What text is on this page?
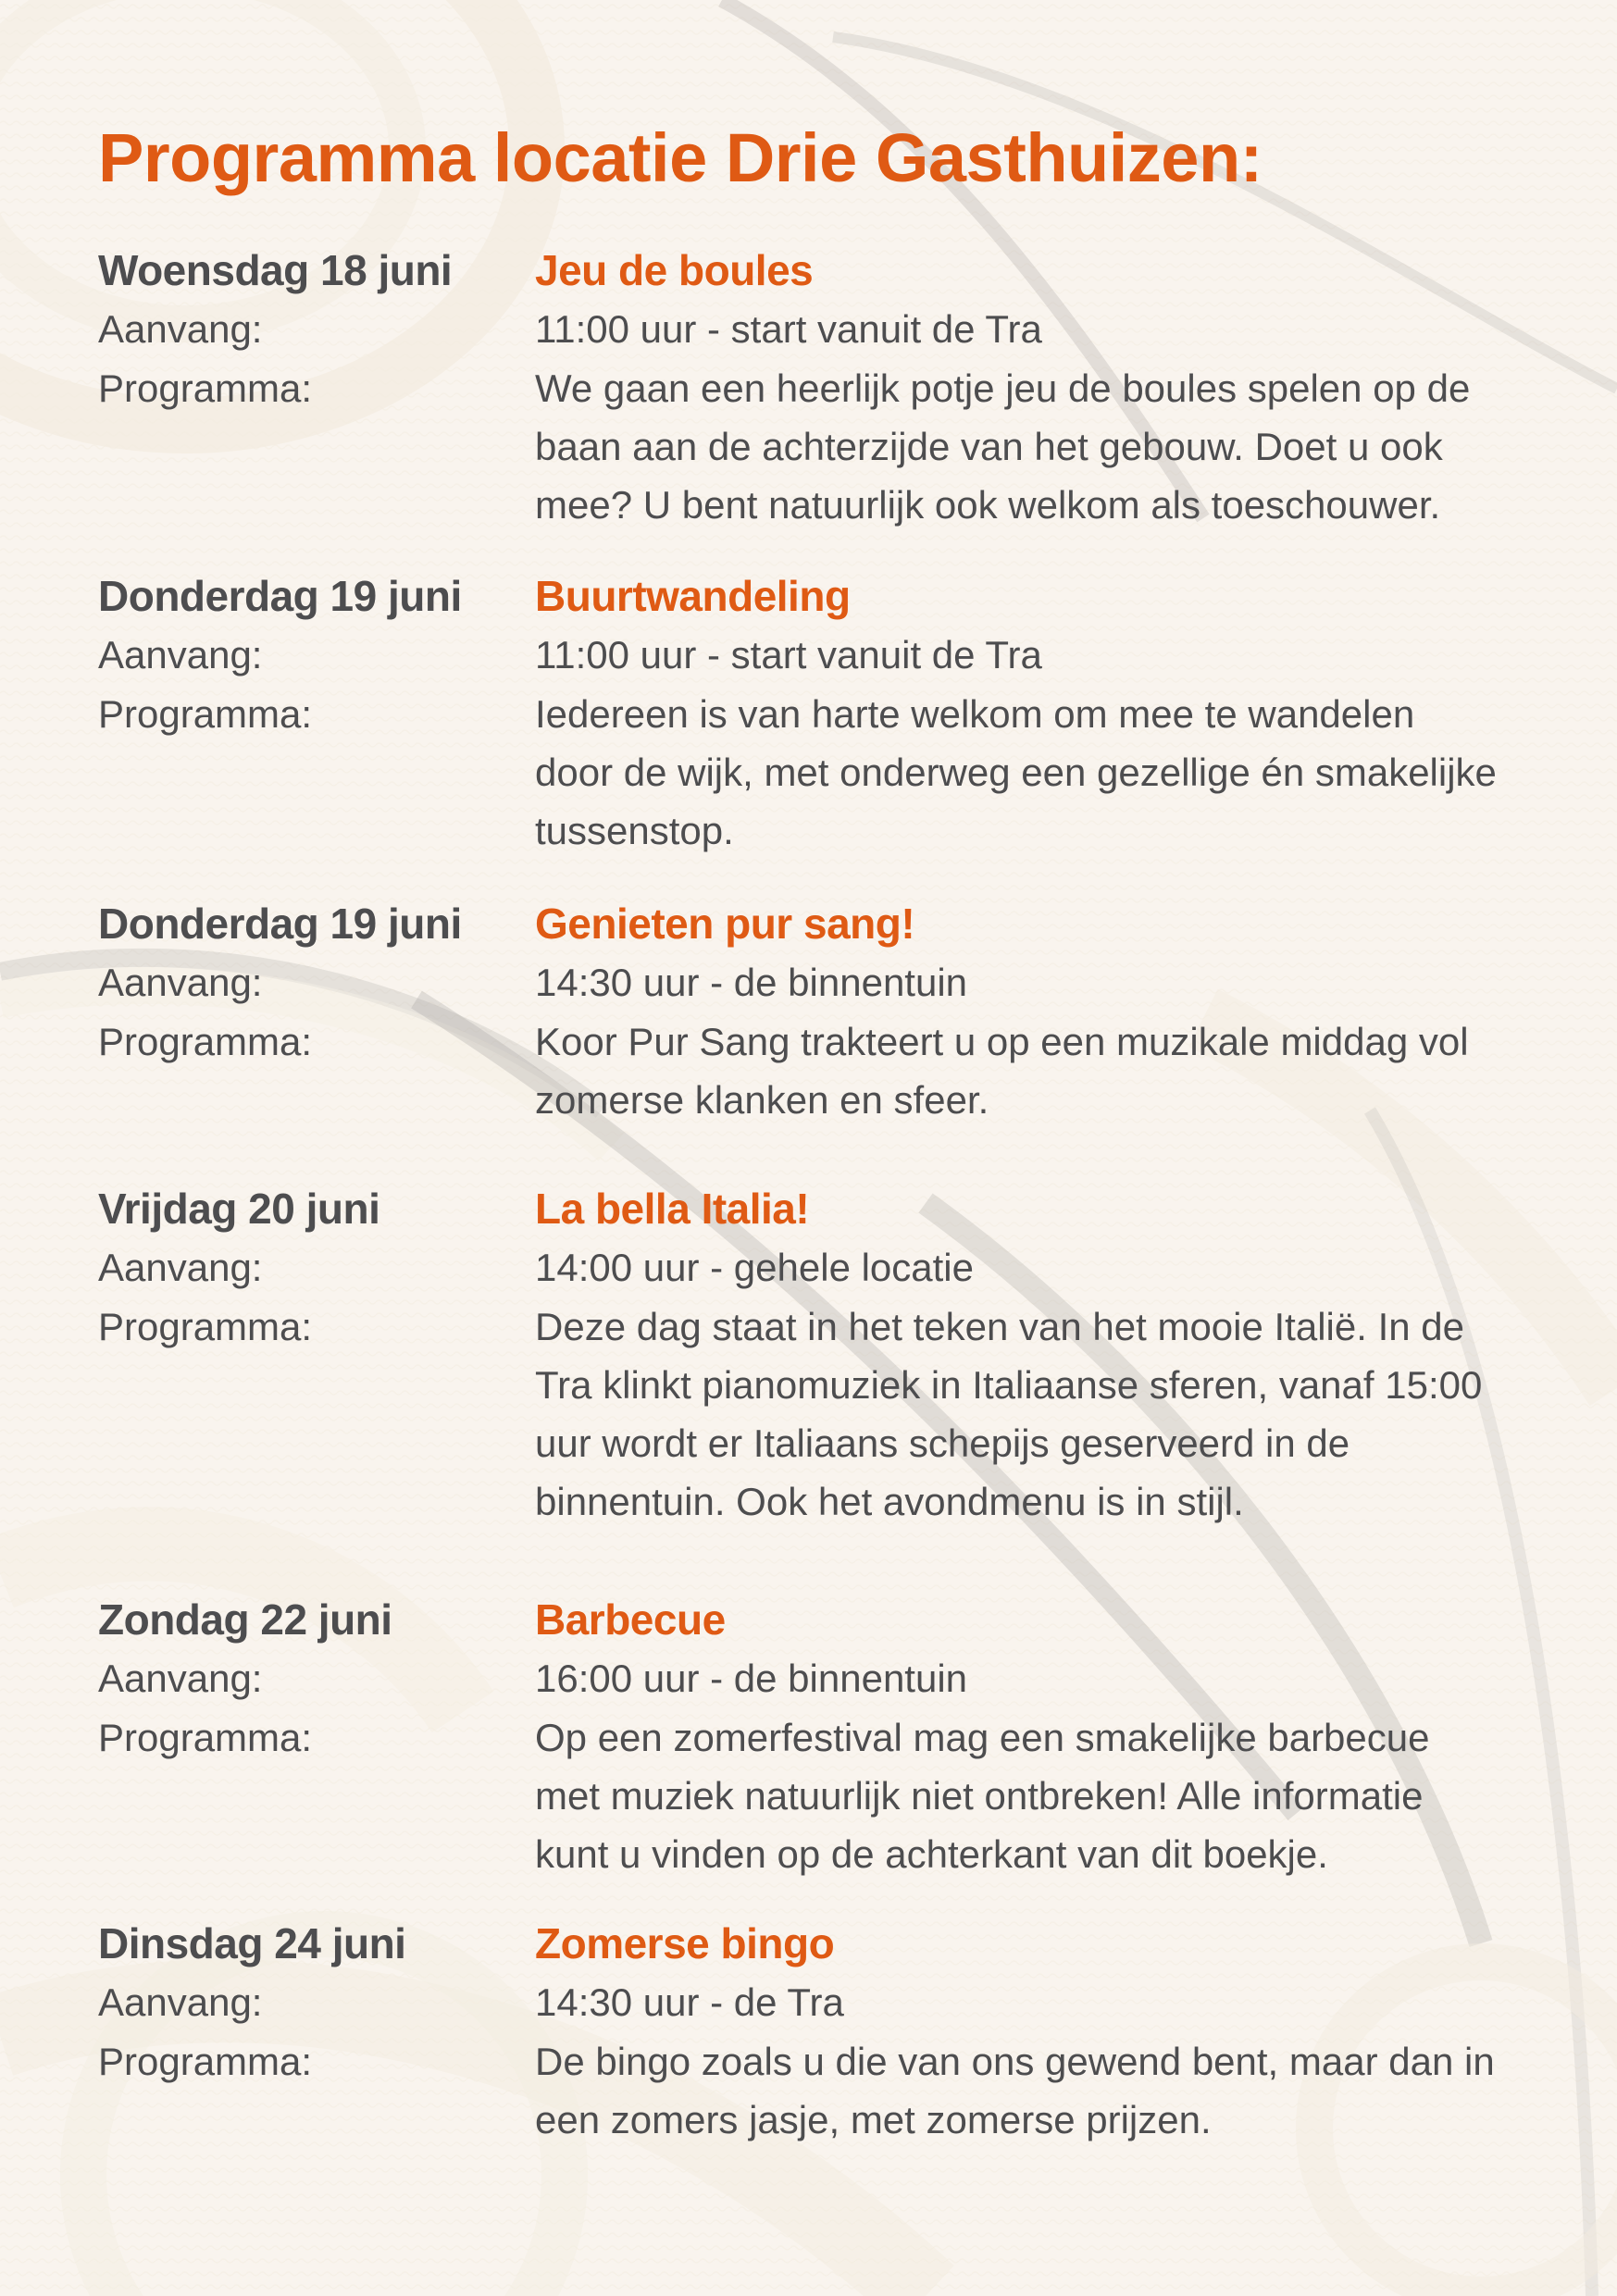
Programma locatie Drie Gasthuizen:
Woensdag 18 juni	Jeu de boules
Aanvang:	11:00 uur - start vanuit de Tra
Programma:	We gaan een heerlijk potje jeu de boules spelen op de
baan aan de achterzijde van het gebouw. Doet u ook
mee? U bent natuurlijk ook welkom als toeschouwer.
Donderdag 19 juni	Buurtwandeling
Aanvang:	11:00 uur - start vanuit de Tra
Programma:	Iedereen is van harte welkom om mee te wandelen
door de wijk, met onderweg een gezellige én smakelijke
tussenstop.
Donderdag 19 juni	Genieten pur sang!
Aanvang:	14:30 uur - de binnentuin
Programma:	Koor Pur Sang trakteert u op een muzikale middag vol
zomerse klanken en sfeer.
Vrijdag 20 juni	La bella Italia!
Aanvang:	14:00 uur - gehele locatie
Programma:	Deze dag staat in het teken van het mooie Italië. In de
Tra klinkt pianomuziek in Italiaanse sferen, vanaf 15:00
uur wordt er Italiaans schepijs geserveerd in de
binnentuin. Ook het avondmenu is in stijl.
Zondag 22 juni	Barbecue
Aanvang:	16:00 uur - de binnentuin
Programma:	Op een zomerfestival mag een smakelijke barbecue
met muziek natuurlijk niet ontbreken! Alle informatie
kunt u vinden op de achterkant van dit boekje.
Dinsdag 24 juni	Zomerse bingo
Aanvang:	14:30 uur - de Tra
Programma:	De bingo zoals u die van ons gewend bent, maar dan in
een zomers jasje, met zomerse prijzen.
